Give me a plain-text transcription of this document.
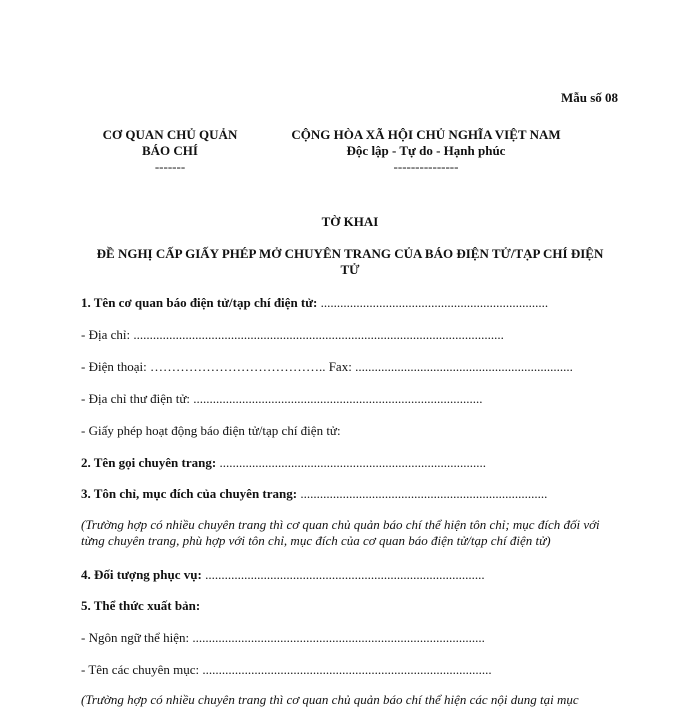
Mẫu số 08
CƠ QUAN CHỦ QUẢN
BÁO CHÍ
-------
CỘNG HÒA XÃ HỘI CHỦ NGHĨA VIỆT NAM
Độc lập - Tự do - Hạnh phúc
---------------
TỜ KHAI
ĐỀ NGHỊ CẤP GIẤY PHÉP MỞ CHUYÊN TRANG CỦA BÁO ĐIỆN TỬ/TẠP CHÍ ĐIỆN TỬ
1. Tên cơ quan báo điện tử/tạp chí điện tử: ......................................................................
- Địa chỉ: ..................................................................................................................
- Điện thoại: ………………………………….. Fax: ...................................................................
- Địa chỉ thư điện tử: .........................................................................................
- Giấy phép hoạt động báo điện tử/tạp chí điện tử:
2. Tên gọi chuyên trang: ..................................................................................
3. Tôn chỉ, mục đích của chuyên trang: ............................................................................
(Trường hợp có nhiều chuyên trang thì cơ quan chủ quản báo chí thể hiện tôn chỉ; mục đích đối với từng chuyên trang, phù hợp với tôn chỉ, mục đích của cơ quan báo điện tử/tạp chí điện tử)
4. Đối tượng phục vụ: ......................................................................................
5. Thể thức xuất bản:
- Ngôn ngữ thể hiện: ..........................................................................................
- Tên các chuyên mục: .........................................................................................
(Trường hợp có nhiều chuyên trang thì cơ quan chủ quản báo chí thể hiện các nội dung tại mục
